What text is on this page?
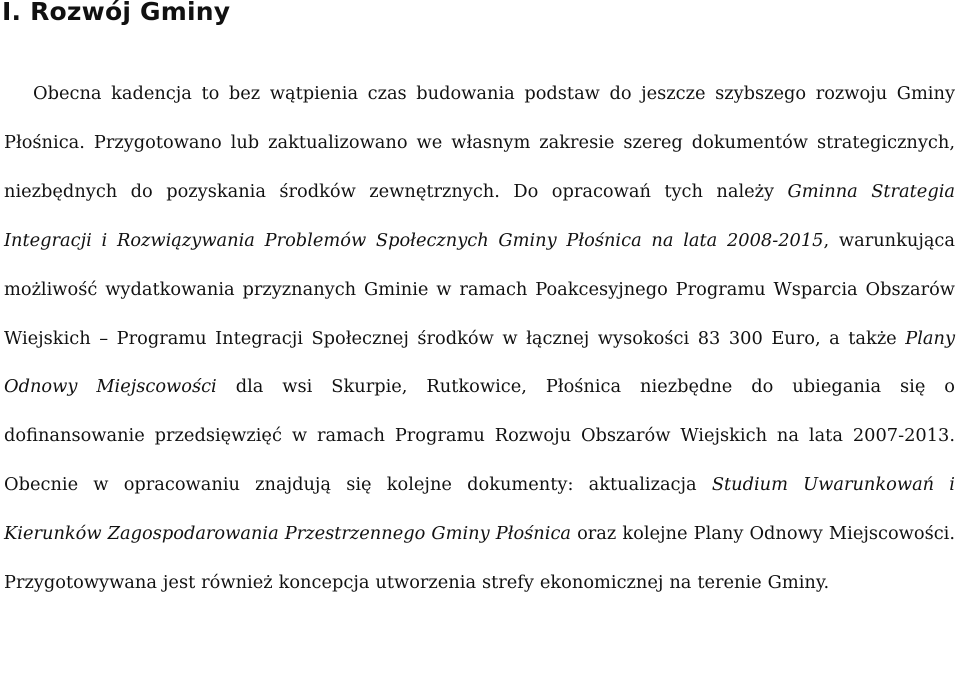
I. Rozwój Gminy

Obecna kadencja to bez wątpienia czas budowania podstaw do jeszcze szybszego rozwoju Gminy Płośnica. Przygotowano lub zaktualizowano we własnym zakresie szereg dokumentów strategicznych, niezbędnych do pozyskania środków zewnętrznych. Do opracowań tych należy Gminna Strategia Integracji i Rozwiązywania Problemów Społecznych Gminy Płośnica na lata 2008-2015, warunkująca możliwość wydatkowania przyznanych Gminie w ramach Poakcesyjnego Programu Wsparcia Obszarów Wiejskich – Programu Integracji Społecznej środków w łącznej wysokości 83 300 Euro, a także Plany Odnowy Miejscowości dla wsi Skurpie, Rutkowice, Płośnica niezbędne do ubiegania się o dofinansowanie przedsięwzięć w ramach Programu Rozwoju Obszarów Wiejskich na lata 2007-2013. Obecnie w opracowaniu znajdują się kolejne dokumenty: aktualizacja Studium Uwarunkowań i Kierunków Zagospodarowania Przestrzennego Gminy Płośnica oraz kolejne Plany Odnowy Miejscowości. Przygotowywana jest również koncepcja utworzenia strefy ekonomicznej na terenie Gminy.
